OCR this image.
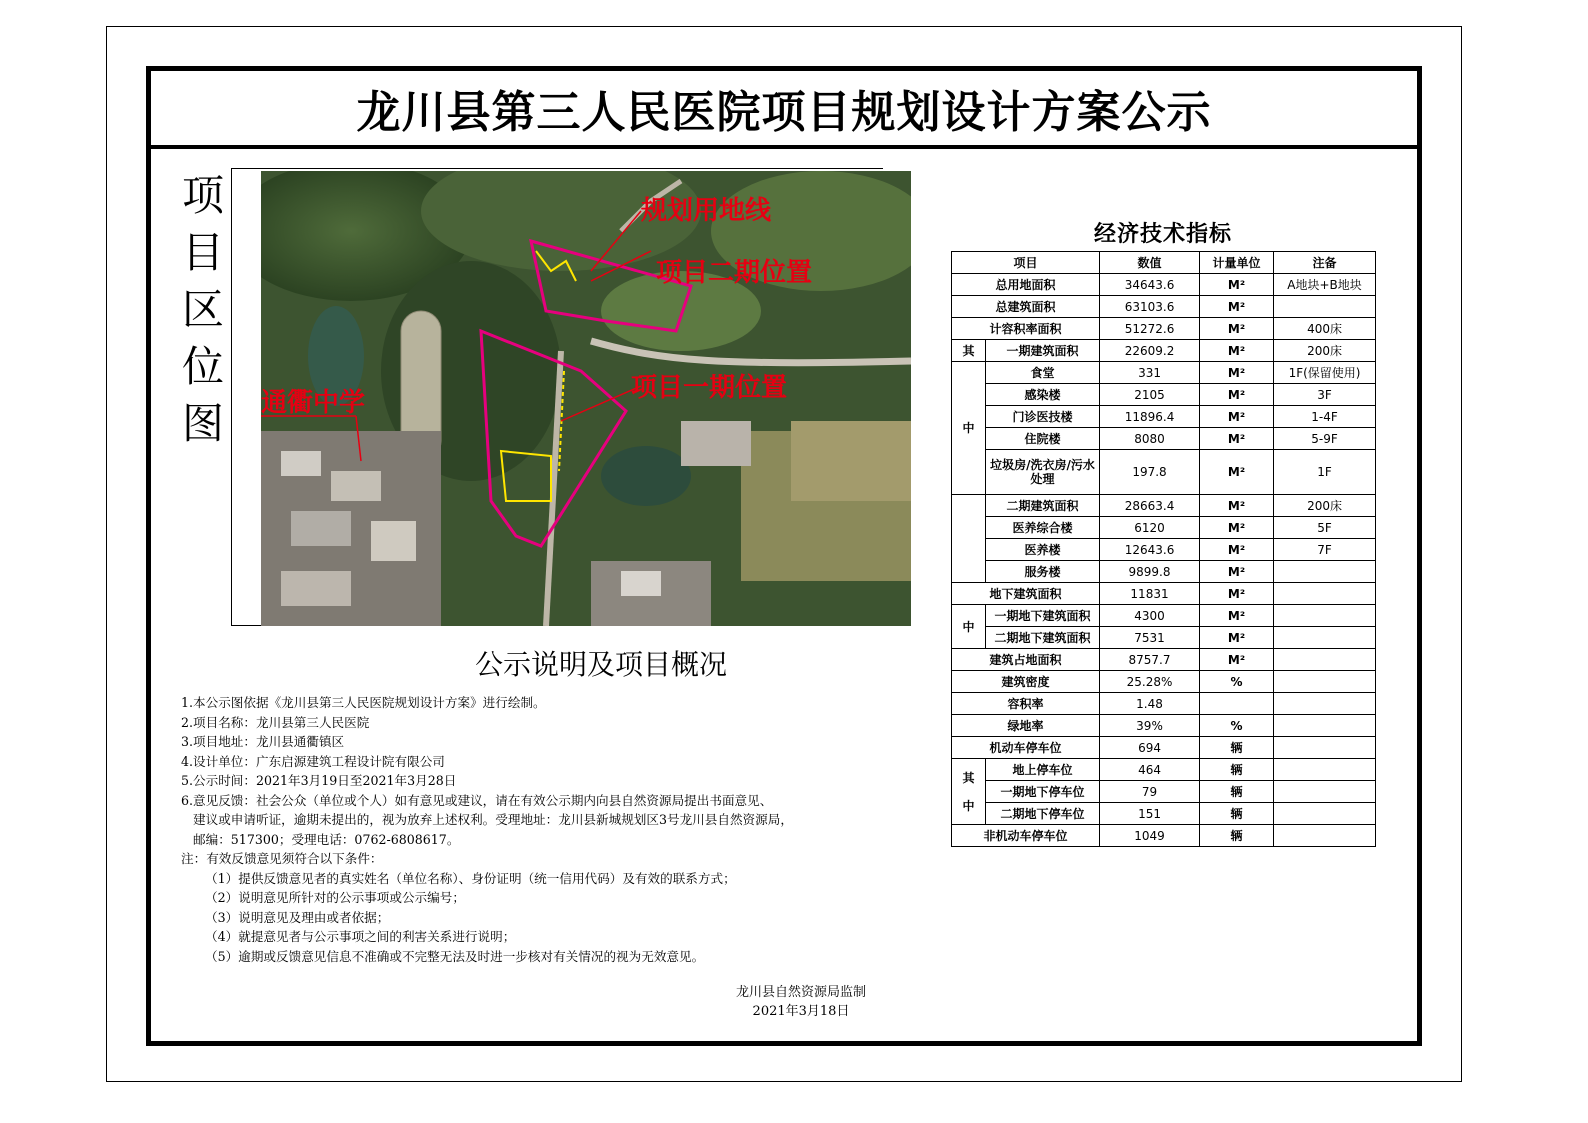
龙川县第三人民医院项目规划设计方案公示
项
目
区
位
图
规划用地线
项目二期位置
项目一期位置
通衢中学
公示说明及项目概况
1.本公示图依据《龙川县第三人民医院规划设计方案》进行绘制。
2.项目名称：龙川县第三人民医院
3.项目地址：龙川县通衢镇区
4.设计单位：广东启源建筑工程设计院有限公司
5.公示时间：2021年3月19日至2021年3月28日
6.意见反馈：社会公众（单位或个人）如有意见或建议，请在有效公示期内向县自然资源局提出书面意见、
建议或申请听证，逾期未提出的，视为放弃上述权利。受理地址：龙川县新城规划区3号龙川县自然资源局，
邮编：517300；受理电话：0762-6808617。
注：有效反馈意见须符合以下条件：
（1）提供反馈意见者的真实姓名（单位名称）、身份证明（统一信用代码）及有效的联系方式；
（2）说明意见所针对的公示事项或公示编号；
（3）说明意见及理由或者依据；
（4）就提意见者与公示事项之间的利害关系进行说明；
（5）逾期或反馈意见信息不准确或不完整无法及时进一步核对有关情况的视为无效意见。
龙川县自然资源局监制
2021年3月18日
经济技术指标
项目		数值	计量单位	注备
总用地面积		34643.6	M²	A地块+B地块
总建筑面积		63103.6	M²	
计容积率面积		51272.6	M²	400床
其	一期建筑面积	22609.2	M²	200床
中	食堂	331	M²	1F(保留使用)
	感染楼	2105	M²	3F
	门诊医技楼	11896.4	M²	1-4F
	住院楼	8080	M²	5-9F
	垃圾房/洗衣房/污水处理	197.8	M²	1F
	二期建筑面积	28663.4	M²	200床
	医养综合楼	6120	M²	5F
	医养楼	12643.6	M²	7F
	服务楼	9899.8	M²	
地下建筑面积		11831	M²	
中	一期地下建筑面积	4300	M²	
	二期地下建筑面积	7531	M²	
建筑占地面积		8757.7	M²	
建筑密度		25.28%	%	
容积率		1.48		
绿地率		39%	%	
机动车停车位		694	辆	
其

中	地上停车位	464	辆	
	一期地下停车位	79	辆	
	二期地下停车位	151	辆	
非机动车停车位		1049	辆	
